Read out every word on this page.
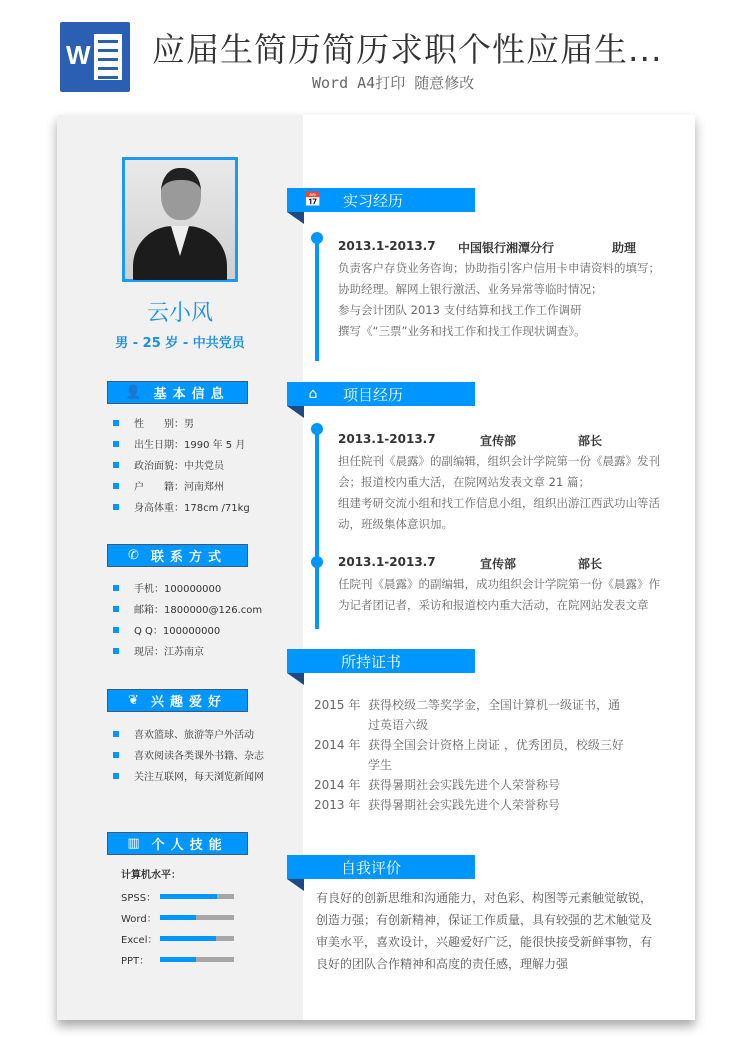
W 应届生简历简历求职个性应届生...
Word A4打印 随意修改
云小风
男 - 25 岁 - 中共党员
👤 基本信息
性　　别：男
出生日期：1990 年 5 月
政治面貌：中共党员
户　　籍：河南郑州
身高体重：178cm /71kg
✆ 联系方式
手机：100000000
邮箱：1800000@126.com
Q Q：100000000
现居：江苏南京
❦ 兴趣爱好
喜欢篮球、旅游等户外活动
喜欢阅读各类课外书籍、杂志
关注互联网，每天浏览新闻网
▥ 个人技能
计算机水平：
SPSS：
Word：
Excel：
PPT：
📅	实习经历
2013.1-2013.7 中国银行湘潭分行	助理
负责客户存贷业务咨询；协助指引客户信用卡申请资料的填写；
协助经理。解网上银行激活、业务异常等临时情况；
参与会计团队 2013 支付结算和找工作工作调研
撰写《“三票”业务和找工作和找工作现状调查》。
⌂	项目经历
2013.1-2013.7	宣传部	部长
担任院刊《晨露》的副编辑，组织会计学院第一份《晨露》发刊
会；报道校内重大活，在院网站发表文章 21 篇；
组建考研交流小组和找工作信息小组，组织出游江西武功山等活
动，班级集体意识加。
2013.1-2013.7	宣传部	部长
任院刊《晨露》的副编辑，成功组织会计学院第一份《晨露》作
为记者团记者，采访和报道校内重大活动，在院网站发表文章
所持证书
2015 年 获得校级二等奖学金，全国计算机一级证书，通过英语六级
2014 年 获得全国会计资格上岗证 ，优秀团员，校级三好学生
2014 年 获得暑期社会实践先进个人荣誉称号
2013 年 获得暑期社会实践先进个人荣誉称号
自我评价
有良好的创新思维和沟通能力，对色彩、构图等元素触觉敏锐，创造力强；有创新精神，保证工作质量，具有较强的艺术触觉及审美水平，喜欢设计，兴趣爱好广泛，能很快接受新鲜事物，有良好的团队合作精神和高度的责任感，理解力强
